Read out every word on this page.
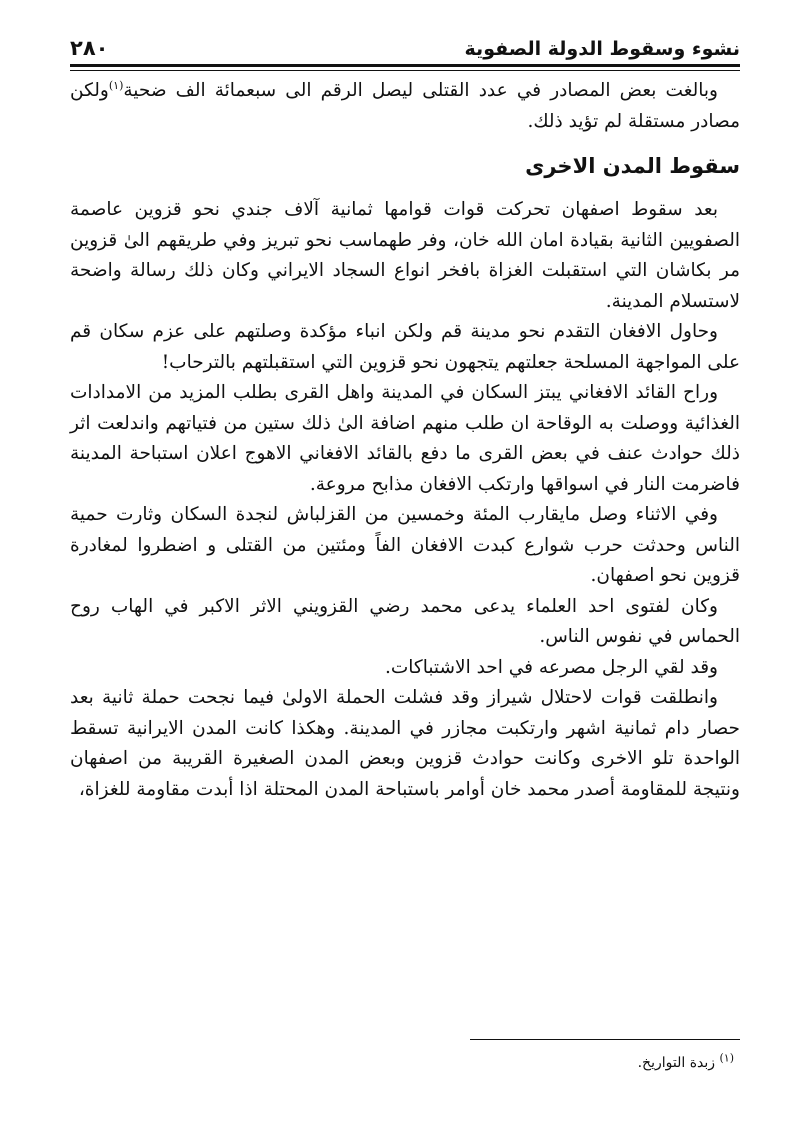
نشوء وسقوط الدولة الصفوية
٢٨٠

وبالغت بعض المصادر في عدد القتلى ليصل الرقم الى سبعمائة الف ضحية$^{(١)}$ولكن مصادر مستقلة لم تؤيد ذلك.

سقوط المدن الاخرى

بعد سقوط اصفهان تحركت قوات قوامها ثمانية آلاف جندي نحو قزوين عاصمة الصفويين الثانية بقيادة امان الله خان، وفر طهماسب نحو تبريز وفي طريقهم الىٰ قزوين مر بكاشان التي استقبلت الغزاة بافخر انواع السجاد الايراني وكان ذلك رسالة واضحة لاستسلام المدينة.

وحاول الافغان التقدم نحو مدينة قم ولكن انباء مؤكدة وصلتهم على عزم سكان قم على المواجهة المسلحة جعلتهم يتجهون نحو قزوين التي استقبلتهم بالترحاب!

وراح القائد الافغاني يبتز السكان في المدينة واهل القرى بطلب المزيد من الامدادات الغذائية ووصلت به الوقاحة ان طلب منهم اضافة الىٰ ذلك ستين من فتياتهم واندلعت اثر ذلك حوادث عنف في بعض القرى ما دفع بالقائد الافغاني الاهوج اعلان استباحة المدينة فاضرمت النار في اسواقها وارتكب الافغان مذابح مروعة.

وفي الاثناء وصل مايقارب المئة وخمسين من القزلباش لنجدة السكان وثارت حمية الناس وحدثت حرب شوارع كبدت الافغان الفاً ومئتين من القتلى و اضطروا لمغادرة قزوين نحو اصفهان.

وكان لفتوى احد العلماء يدعى محمد رضي القزويني الاثر الاكبر في الهاب روح الحماس في نفوس الناس.

وقد لقي الرجل مصرعه في احد الاشتباكات.

وانطلقت قوات لاحتلال شيراز وقد فشلت الحملة الاولىٰ فيما نجحت حملة ثانية بعد حصار دام ثمانية اشهر وارتكبت مجازر في المدينة. وهكذا كانت المدن الايرانية تسقط الواحدة تلو الاخرى وكانت حوادث قزوين وبعض المدن الصغيرة القريبة من اصفهان ونتيجة للمقاومة أصدر محمد خان أوامر باستباحة المدن المحتلة اذا أبدت مقاومة للغزاة،

$^{(١)}$ زبدة التواريخ.
